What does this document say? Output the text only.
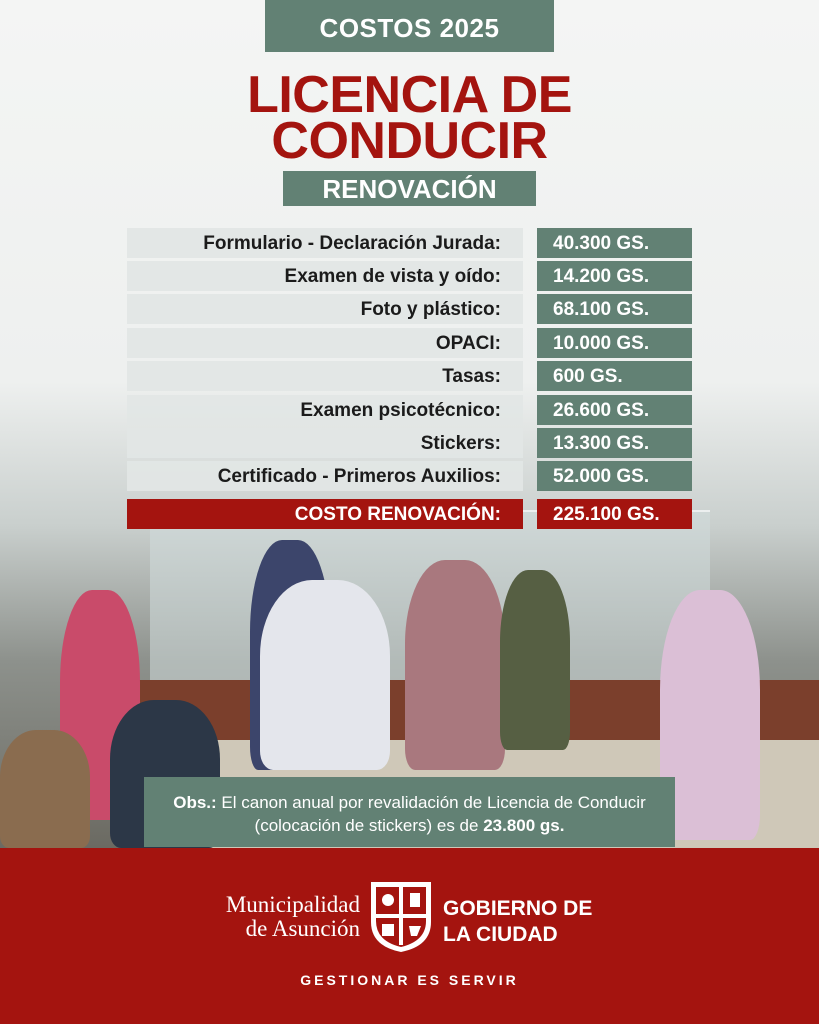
COSTOS 2025
LICENCIA DE
CONDUCIR
RENOVACIÓN
Formulario - Declaración Jurada:	40.300 GS.
Examen de vista y oído:	14.200 GS.
Foto y plástico:	68.100 GS.
OPACI:	10.000 GS.
Tasas:	600 GS.
Examen psicotécnico:	26.600 GS.
Stickers:	13.300 GS.
Certificado - Primeros Auxilios:	52.000 GS.
COSTO RENOVACIÓN:	225.100 GS.
Obs.: El canon anual por revalidación de Licencia de Conducir (colocación de stickers) es de 23.800 gs.
Municipalidad
de Asunción
GOBIERNO DE
LA CIUDAD
GESTIONAR ES SERVIR
